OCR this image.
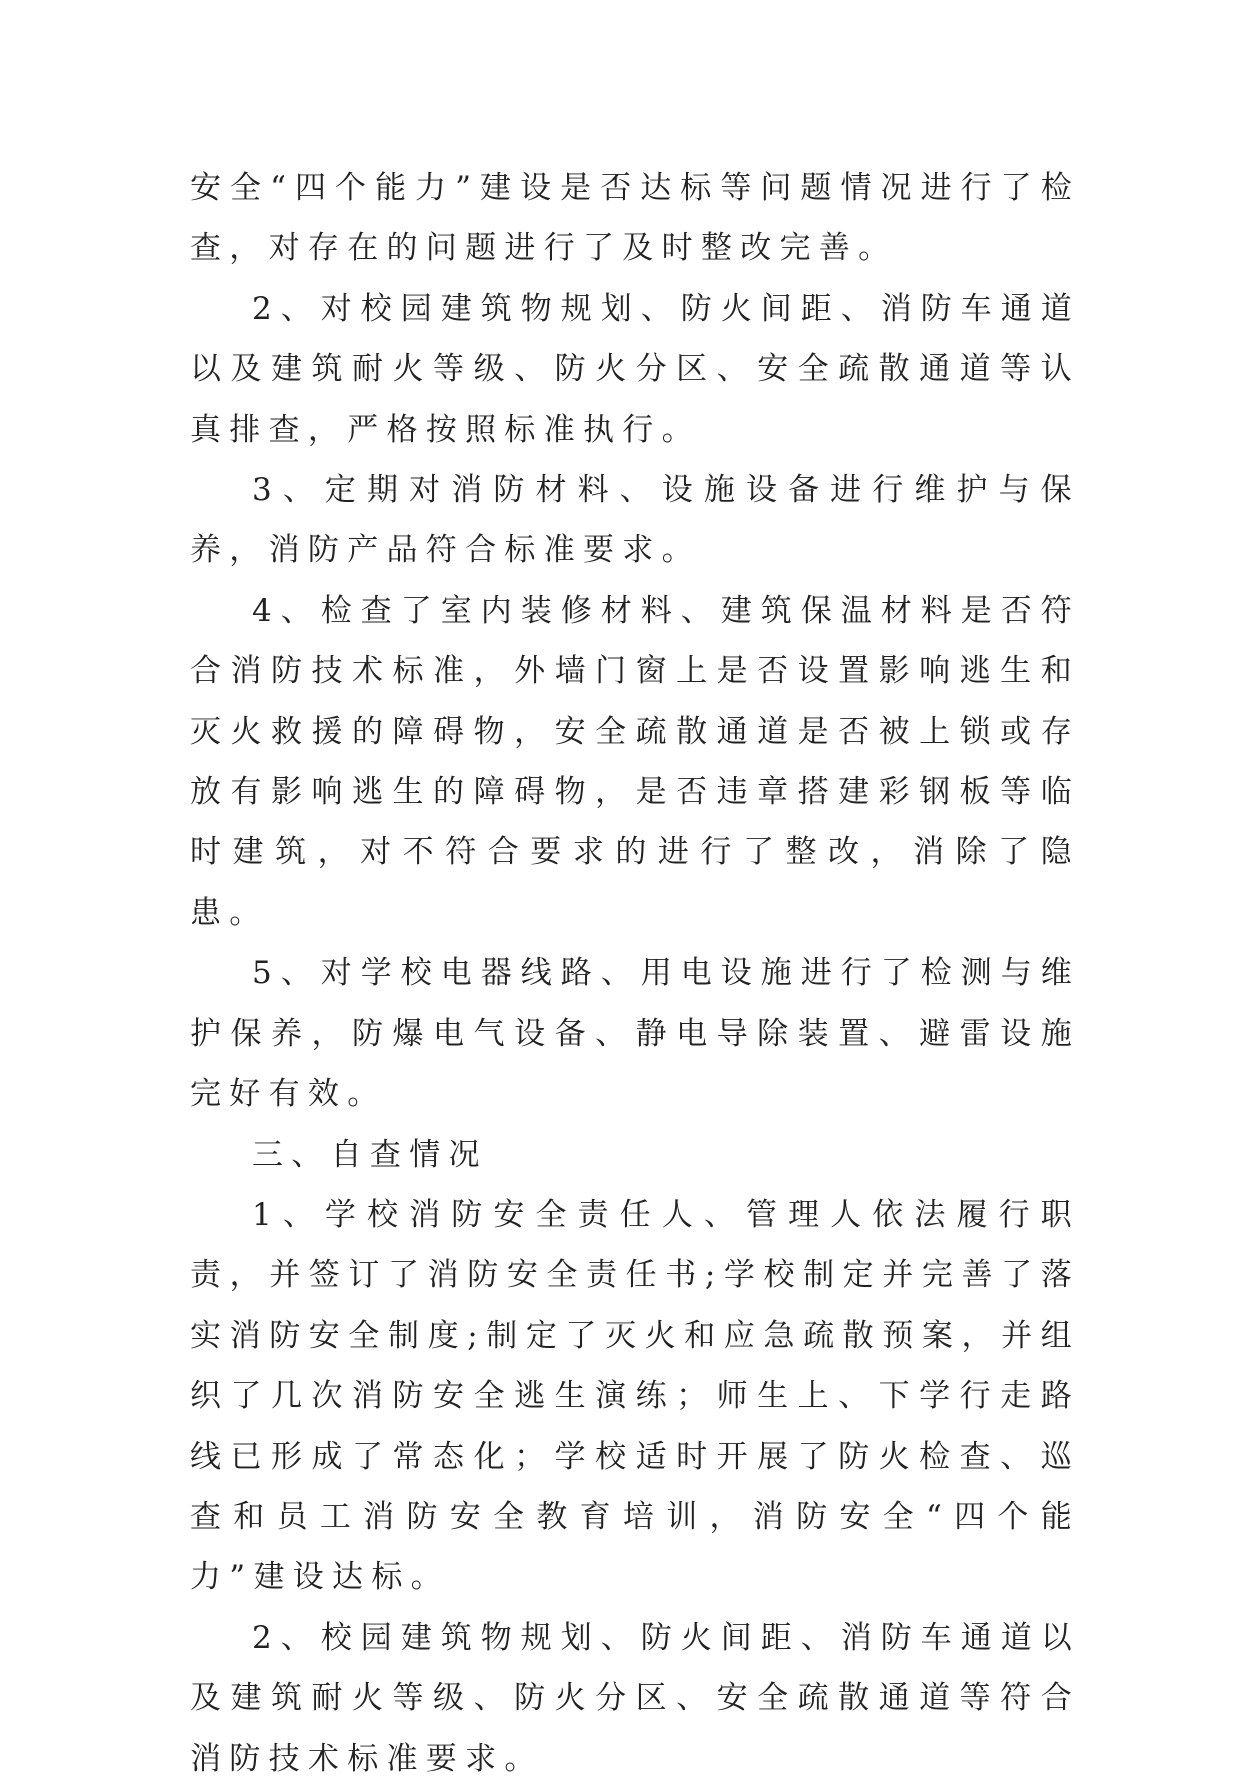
安全“四个能力”建设是否达标等问题情况进行了检查，对存在的问题进行了及时整改完善。

2、对校园建筑物规划、防火间距、消防车通道以及建筑耐火等级、防火分区、安全疏散通道等认真排查，严格按照标准执行。

3、定期对消防材料、设施设备进行维护与保养，消防产品符合标准要求。

4、检查了室内装修材料、建筑保温材料是否符合消防技术标准，外墙门窗上是否设置影响逃生和灭火救援的障碍物，安全疏散通道是否被上锁或存放有影响逃生的障碍物，是否违章搭建彩钢板等临时建筑，对不符合要求的进行了整改，消除了隐患。

5、对学校电器线路、用电设施进行了检测与维护保养，防爆电气设备、静电导除装置、避雷设施完好有效。

三、自查情况

1、学校消防安全责任人、管理人依法履行职责，并签订了消防安全责任书;学校制定并完善了落实消防安全制度;制定了灭火和应急疏散预案，并组织了几次消防安全逃生演练；师生上、下学行走路线已形成了常态化；学校适时开展了防火检查、巡查和员工消防安全教育培训，消防安全“四个能力”建设达标。

2、校园建筑物规划、防火间距、消防车通道以及建筑耐火等级、防火分区、安全疏散通道等符合消防技术标准要求。
